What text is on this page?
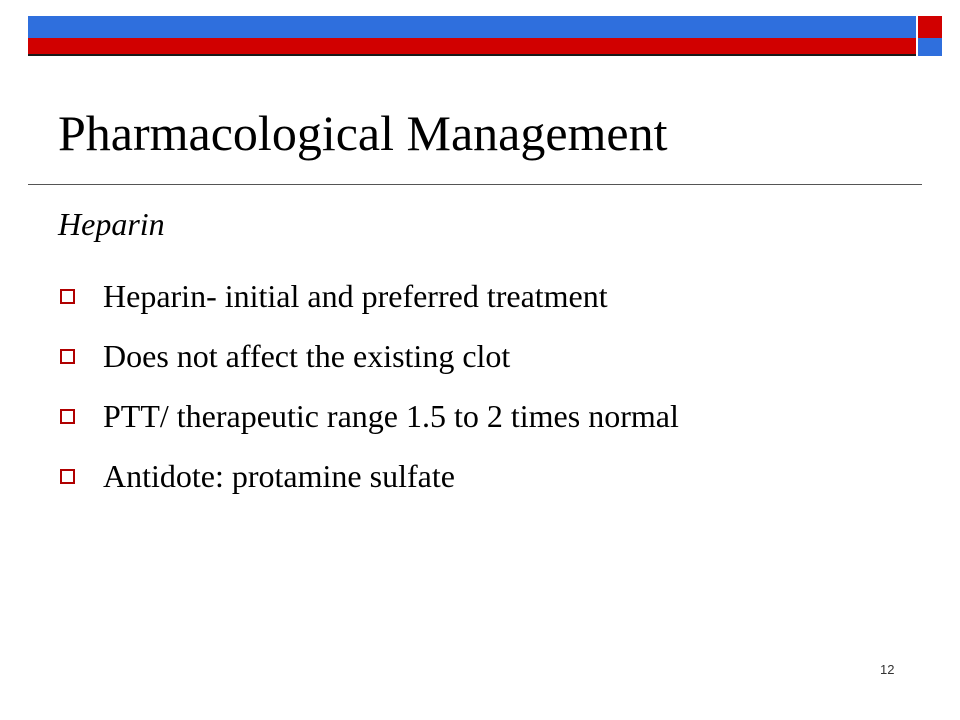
Pharmacological Management
Heparin
Heparin- initial and preferred treatment
Does not affect the existing clot
PTT/ therapeutic range 1.5 to 2 times normal
Antidote: protamine sulfate
12
